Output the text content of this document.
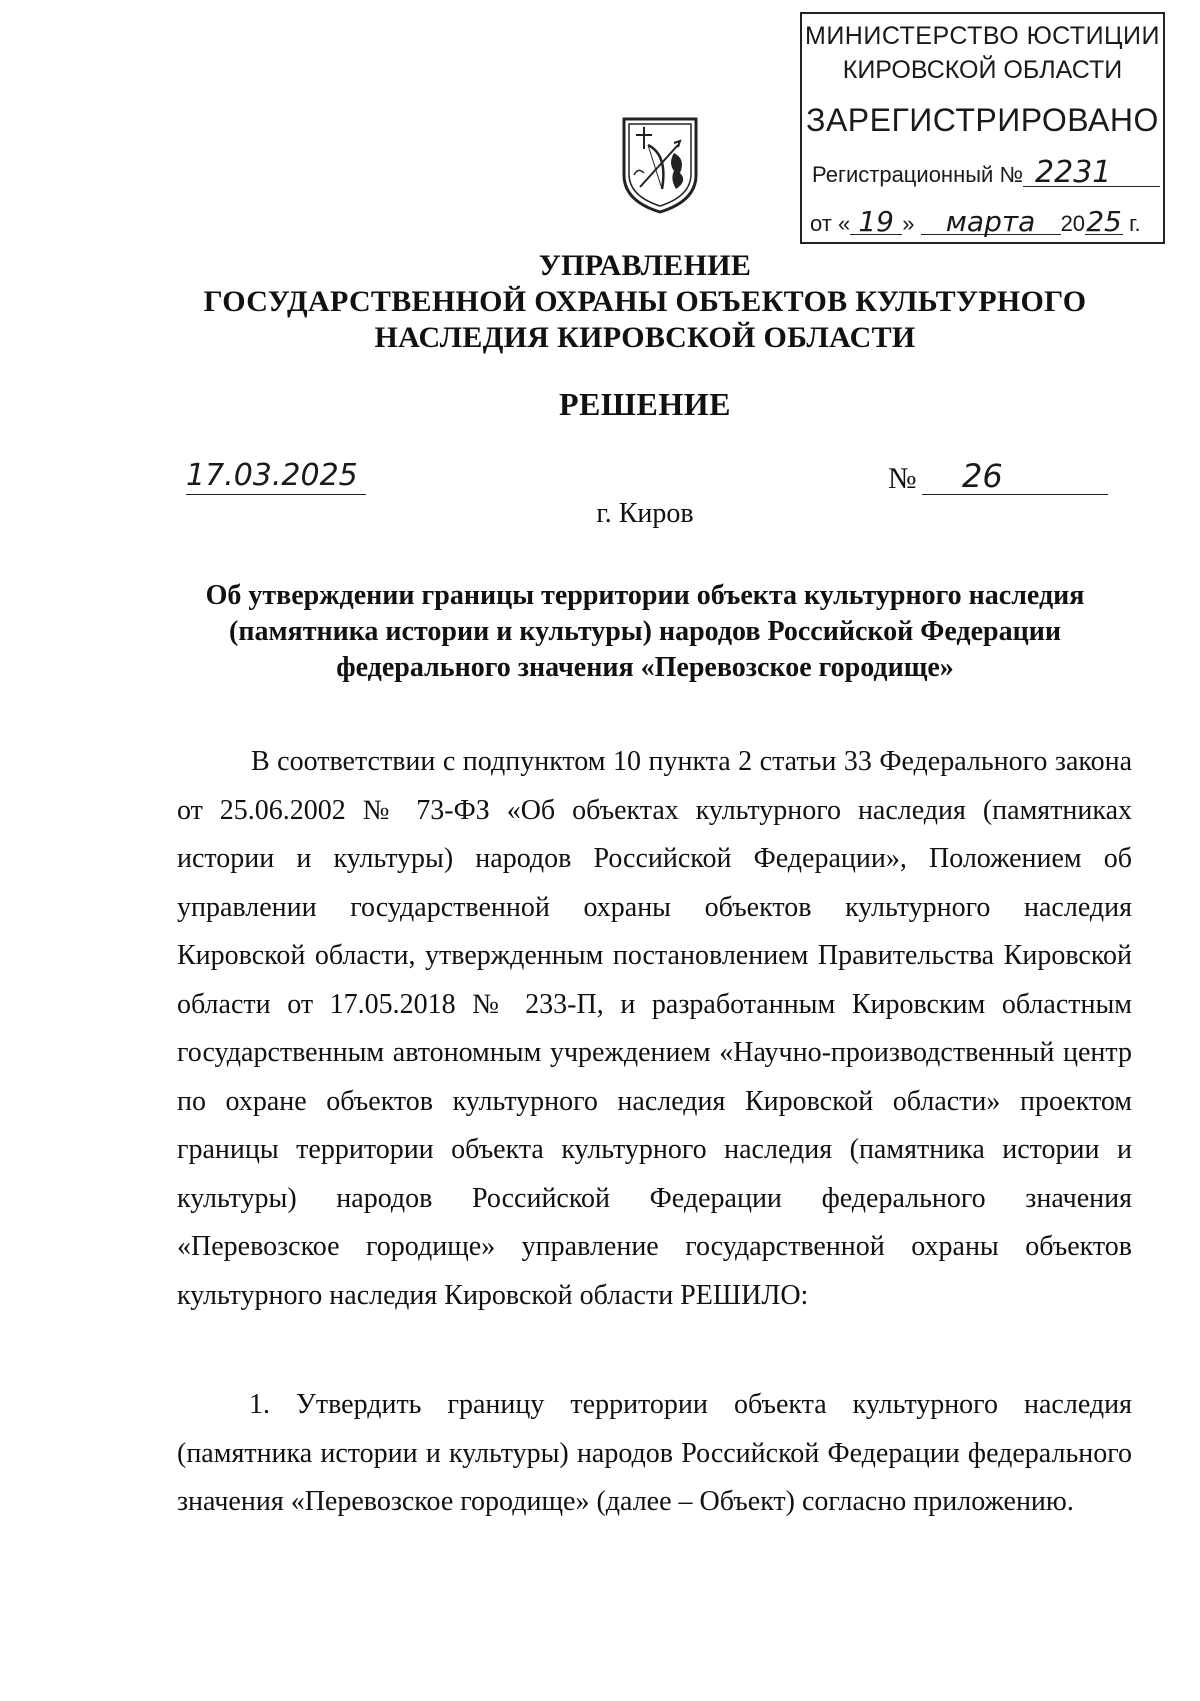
МИНИСТЕРСТВО ЮСТИЦИИ
КИРОВСКОЙ ОБЛАСТИ
ЗАРЕГИСТРИРОВАНО
Регистрационный № 2231
от « 19 » марта 2025 г.
УПРАВЛЕНИЕ
ГОСУДАРСТВЕННОЙ ОХРАНЫ ОБЪЕКТОВ КУЛЬТУРНОГО
НАСЛЕДИЯ КИРОВСКОЙ ОБЛАСТИ
РЕШЕНИЕ
17.03.2025	№	26
г. Киров
Об утверждении границы территории объекта культурного наследия
(памятника истории и культуры) народов Российской Федерации
федерального значения «Перевозское городище»
В соответствии с подпунктом 10 пункта 2 статьи 33 Федерального закона от 25.06.2002 № 73-ФЗ «Об объектах культурного наследия (памятниках истории и культуры) народов Российской Федерации», Положением об управлении государственной охраны объектов культурного наследия Кировской области, утвержденным постановлением Правительства Кировской области от 17.05.2018 № 233-П, и разработанным Кировским областным государственным автономным учреждением «Научно-производственный центр по охране объектов культурного наследия Кировской области» проектом границы территории объекта культурного наследия (памятника истории и культуры) народов Российской Федерации федерального значения «Перевозское городище» управление государственной охраны объектов культурного наследия Кировской области РЕШИЛО:
1. Утвердить границу территории объекта культурного наследия (памятника истории и культуры) народов Российской Федерации федерального значения «Перевозское городище» (далее – Объект) согласно приложению.
